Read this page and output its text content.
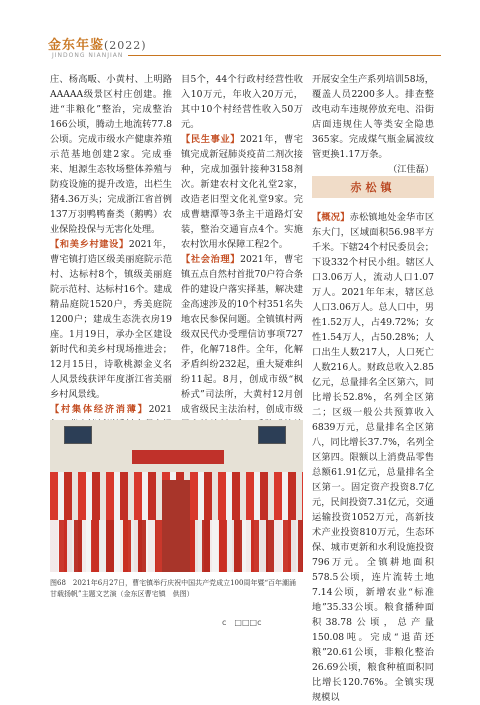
金东年鉴(2022)
JINDONG NIANJIAN

庄、杨高畈、小黄村、上明路AAAAA级景区村庄创建。推进“非粮化”整治，完成整治166公顷，腾动土地流转77.8公顷。完成市级水产健康养殖示范基地创建2家。完成垂来、旭源生态牧场整体养殖与防疫设施的提升改造，出栏生猪4.36万头；完成浙江省首例137万羽鸭鸭畜类（鹅鸭）农业保险投保与无害化处理。

【和美乡村建设】2021年，曹宅镇打造区级美丽庭院示范村、达标村8个，镇级美丽庭院示范村、达标村16个。建成精品庭院1520户，秀美庭院1200户；建成生态洗衣房19座。1月19日，承办全区建设新时代和美乡村现场推进会；12月15日，诗歌桃源金义名人风景线获评年度浙江省美丽乡村风景线。

【村集体经济消薄】2021

目5个，44个行政村经营性收入10万元，年收入20万元，其中10个村经营性收入50万元。

【民生事业】2021年，曹宅镇完成新冠肺炎疫苗二剂次接种，完成加强针接种3158剂次。新建农村文化礼堂2家，改造老旧型文化礼堂9家。完成曹塘潭等3条主干道路灯安装，整治交通盲点4个。实施农村饮用水保障工程2个。

【社会治理】2021年，曹宅镇五点自然村首批70户符合条件的建设户落实择基，解决建金高速涉及的10个村351名失地农民参保问题。全镇镇村两级双民代办受理信访事项727件，化解718件。全年，化解矛盾纠纷232起，重大疑难纠纷11起。8月，创成市级“枫桥式”司法所，大黄村12月创成省级民主法治村，创成市级

开展安全生产系列培训58场，覆盖人员2200多人。排查整改电动车违规停放充电、沿街店面违规住人等类安全隐患365家。完成煤气瓶金属波纹管更换1.17万条。

（江佳磊）

赤松镇

【概况】赤松镇地处金华市区东大门，区域面积56.98平方千米。下辖24个村民委员会；下设332个村民小组。辖区人口3.06万人，流动人口1.07万人。2021年年末，辖区总人口3.06万人。总人口中，男性1.52万人，占49.72%；女性1.54万人，占50.28%；人口出生人数217人，人口死亡人数216人。财政总收入2.85亿元，总量排名全区第六，同比增长52.8%，名列全区第二；区级一般公共预算收入6839万元，总量排名全区第八，同比增长37.7%，名列全区第四。限额以上消费品零售总额61.91亿元，总量排名全区第一。固定资产投资8.7亿元，民间投资7.31亿元，交通运输投资1052万元，高新技术产业投资810万元，生态环保、城市更新和水利设施投资796万元。全镇耕地面积578.5公顷，连片流转土地7.14公顷，新增农业“标准地”35.33公顷。粮食播种面积38.78公顷，总产量150.08吨。完成“退苗还粮”20.61公顷，非粮化整治26.69公顷，粮食种植面积同比增长120.76%。全镇实现规模以

图68　2021年6月27日，曹宅镇举行庆祝中国共产党成立100周年暨“百年潮涌　甘载扬帆”主题文艺演（金东区曹宅镇　供图）
c　□□□c
